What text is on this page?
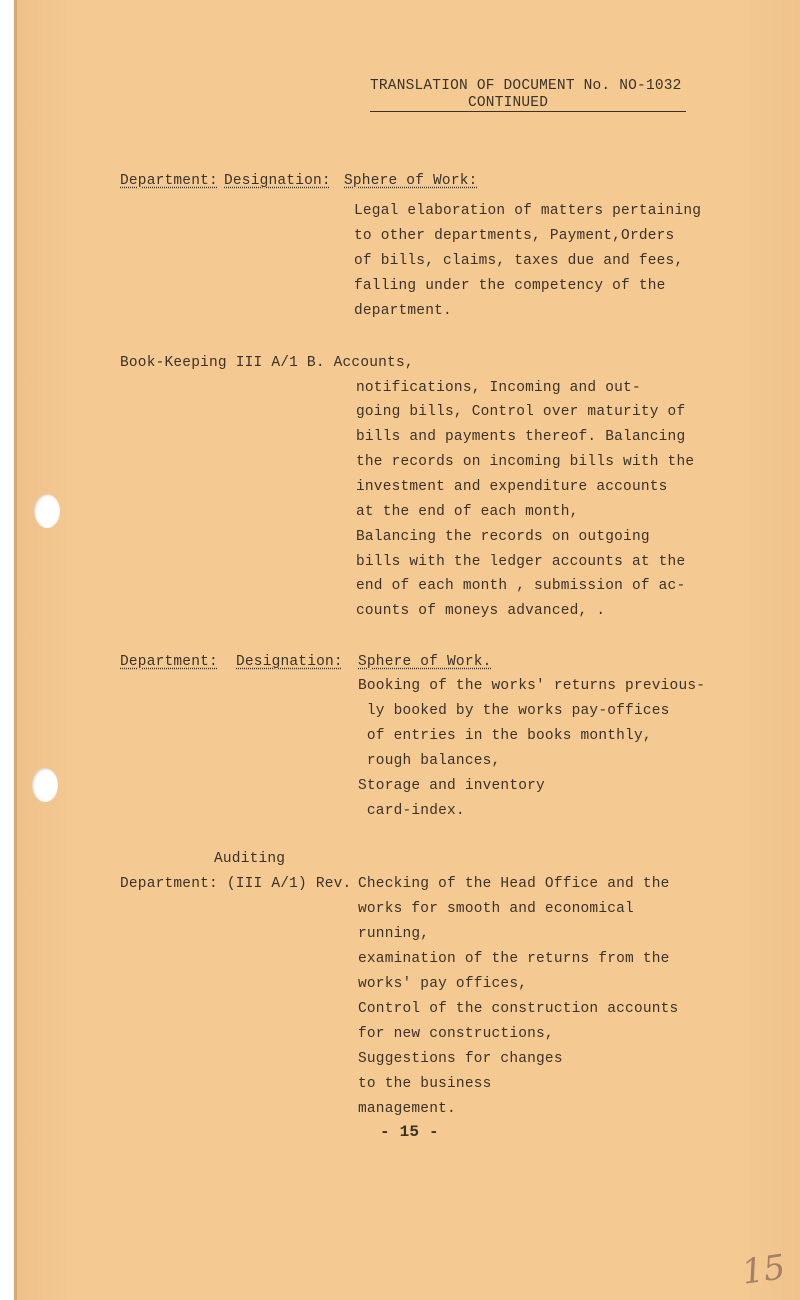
TRANSLATION OF DOCUMENT No. NO-1032
CONTINUED
Department: Designation: Sphere of Work:
Legal elaboration of matters pertaining
to other departments, Payment,Orders
of bills, claims, taxes due and fees,
falling under the competency of the
department.
Book-Keeping III A/1 B. Accounts,
notifications, Incoming and out-
going bills, Control over maturity of
bills and payments thereof. Balancing
the records on incoming bills with the
investment and expenditure accounts
at the end of each month,
Balancing the records on outgoing
bills with the ledger accounts at the
end of each month , submission of ac-
counts of moneys advanced, .
Department: Designation: Sphere of Work.
Booking of the works' returns previous-
ly booked by the works pay-offices
of entries in the books monthly,
rough balances,
Storage and inventory
card-index.
Auditing
Department: (III A/1) Rev. Checking of the Head Office and the
works for smooth and economical
running,
examination of the returns from the
works' pay offices,
Control of the construction accounts
for new constructions,
Suggestions for changes
to the business
management.
- 15 -
15
